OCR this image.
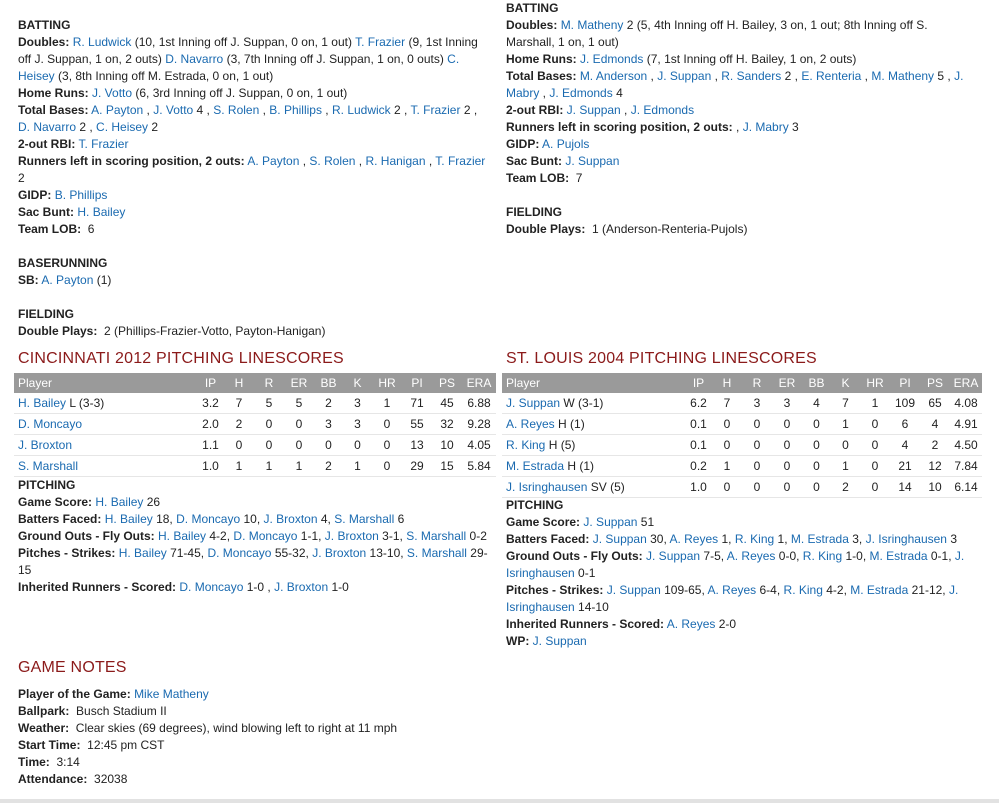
BATTING

Doubles: R. Ludwick (10, 1st Inning off J. Suppan, 0 on, 1 out) T. Frazier (9, 1st Inning off J. Suppan, 1 on, 2 outs) D. Navarro (3, 7th Inning off J. Suppan, 1 on, 0 outs) C. Heisey (3, 8th Inning off M. Estrada, 0 on, 1 out)

Home Runs: J. Votto (6, 3rd Inning off J. Suppan, 0 on, 1 out)

Total Bases: A. Payton , J. Votto 4 , S. Rolen , B. Phillips , R. Ludwick 2 , T. Frazier 2 , D. Navarro 2 , C. Heisey 2

2-out RBI: T. Frazier

Runners left in scoring position, 2 outs: A. Payton , S. Rolen , R. Hanigan , T. Frazier 2

GIDP: B. Phillips

Sac Bunt: H. Bailey

Team LOB: 6

BASERUNNING

SB: A. Payton (1)

FIELDING

Double Plays: 2 (Phillips-Frazier-Votto, Payton-Hanigan)

BATTING

Doubles: M. Matheny 2 (5, 4th Inning off H. Bailey, 3 on, 1 out; 8th Inning off S. Marshall, 1 on, 1 out)

Home Runs: J. Edmonds (7, 1st Inning off H. Bailey, 1 on, 2 outs)

Total Bases: M. Anderson , J. Suppan , R. Sanders 2 , E. Renteria , M. Matheny 5 , J. Mabry , J. Edmonds 4

2-out RBI: J. Suppan , J. Edmonds

Runners left in scoring position, 2 outs: , J. Mabry 3

GIDP: A. Pujols

Sac Bunt: J. Suppan

Team LOB: 7

FIELDING

Double Plays: 1 (Anderson-Renteria-Pujols)

CINCINNATI 2012 PITCHING LINESCORES	ST. LOUIS 2004 PITCHING LINESCORES
Player	IP	H	R	ER	BB	K	HR	PI	PS	ERA
H. Bailey L (3-3)	3.2	7	5	5	2	3	1	71	45	6.88
D. Moncayo	2.0	2	0	0	3	3	0	55	32	9.28
J. Broxton	1.1	0	0	0	0	0	0	13	10	4.05
S. Marshall	1.0	1	1	1	2	1	0	29	15	5.84
Player	IP	H	R	ER	BB	K	HR	PI	PS	ERA
J. Suppan W (3-1)	6.2	7	3	3	4	7	1	109	65	4.08
A. Reyes H (1)	0.1	0	0	0	0	1	0	6	4	4.91
R. King H (5)	0.1	0	0	0	0	0	0	4	2	4.50
M. Estrada H (1)	0.2	1	0	0	0	1	0	21	12	7.84
J. Isringhausen SV (5)	1.0	0	0	0	0	2	0	14	10	6.14

PITCHING

Game Score: H. Bailey 26

Batters Faced: H. Bailey 18, D. Moncayo 10, J. Broxton 4, S. Marshall 6

Ground Outs - Fly Outs: H. Bailey 4-2, D. Moncayo 1-1, J. Broxton 3-1, S. Marshall 0-2

Pitches - Strikes: H. Bailey 71-45, D. Moncayo 55-32, J. Broxton 13-10, S. Marshall 29-15

Inherited Runners - Scored: D. Moncayo 1-0 , J. Broxton 1-0

PITCHING

Game Score: J. Suppan 51

Batters Faced: J. Suppan 30, A. Reyes 1, R. King 1, M. Estrada 3, J. Isringhausen 3

Ground Outs - Fly Outs: J. Suppan 7-5, A. Reyes 0-0, R. King 1-0, M. Estrada 0-1, J. Isringhausen 0-1

Pitches - Strikes: J. Suppan 109-65, A. Reyes 6-4, R. King 4-2, M. Estrada 21-12, J. Isringhausen 14-10

Inherited Runners - Scored: A. Reyes 2-0

WP: J. Suppan

GAME NOTES

Player of the Game: Mike Matheny

Ballpark: Busch Stadium II

Weather: Clear skies (69 degrees), wind blowing left to right at 11 mph

Start Time: 12:45 pm CST

Time: 3:14

Attendance: 32038
